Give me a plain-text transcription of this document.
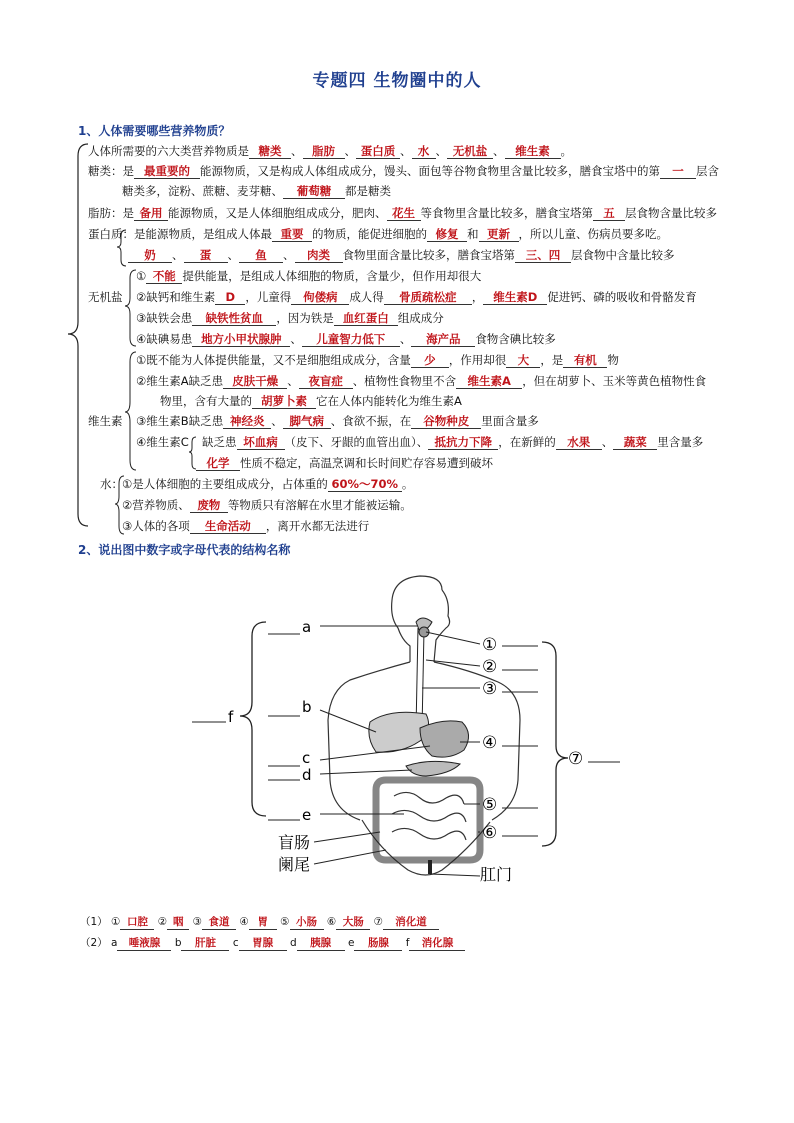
专题四 生物圈中的人
1、人体需要哪些营养物质？
人体所需要的六大类营养物质是 糖类 、 脂肪 、 蛋白质 、 水 、 无机盐 、 维生素 。
糖类：是 最重要的 能源物质，又是构成人体组成成分，馒头、面包等谷物食物里含量比较多，膳食宝塔中的第 一 层含
糖类多，淀粉、蔗糖、麦芽糖、 葡萄糖 都是糖类
脂肪：是 备用 能源物质，又是人体细胞组成成分，肥肉、 花生 等食物里含量比较多，膳食宝塔第 五 层食物含量比较多
蛋白质：是能源物质，是组成人体最 重要 的物质，能促进细胞的 修复 和 更新 ，所以儿童、伤病员要多吃。
奶 、 蛋 、 鱼 、 肉类 食物里面含量比较多，膳食宝塔第 三、四 层食物中含量比较多
无机盐
① 不能 提供能量，是组成人体细胞的物质，含量少，但作用却很大
②缺钙和维生素 D ，儿童得 佝偻病 成人得 骨质疏松症 ， 维生素D 促进钙、磷的吸收和骨骼发育
③缺铁会患 缺铁性贫血 ，因为铁是 血红蛋白 组成成分
④缺碘易患 地方小甲状腺肿 、 儿童智力低下 、 海产品 食物含碘比较多
维生素
①既不能为人体提供能量，又不是细胞组成成分，含量 少 ，作用却很 大 ，是 有机 物
②维生素A缺乏患 皮肤干燥 、 夜盲症 、植物性食物里不含 维生素A ，但在胡萝卜、玉米等黄色植物性食
物里，含有大量的 胡萝卜素 它在人体内能转化为维生素A
③维生素B缺乏患 神经炎 、 脚气病 、食欲不振，在 谷物种皮 里面含量多
④维生素C 缺乏患 坏血病 （皮下、牙龈的血管出血）、 抵抗力下降 ，在新鲜的 水果 、 蔬菜 里含量多
化学 性质不稳定，高温烹调和长时间贮存容易遭到破坏
水： ①是人体细胞的主要组成成分，占体重的 60%～70% 。
②营养物质、 废物 等物质只有溶解在水里才能被运输。
③人体的各项 生命活动 ，离开水都无法进行
2、说出图中数字或字母代表的结构名称
f
a
b
c
d
e
盲肠
阑尾
①
②
③
④
⑤
⑥
肛门
⑦
（1） ① 口腔 ② 咽 ③ 食道 ④ 胃 ⑤ 小肠 ⑥ 大肠 ⑦ 消化道
（2） a 唾液腺 b 肝脏 c 胃腺 d 胰腺 e 肠腺 f 消化腺
